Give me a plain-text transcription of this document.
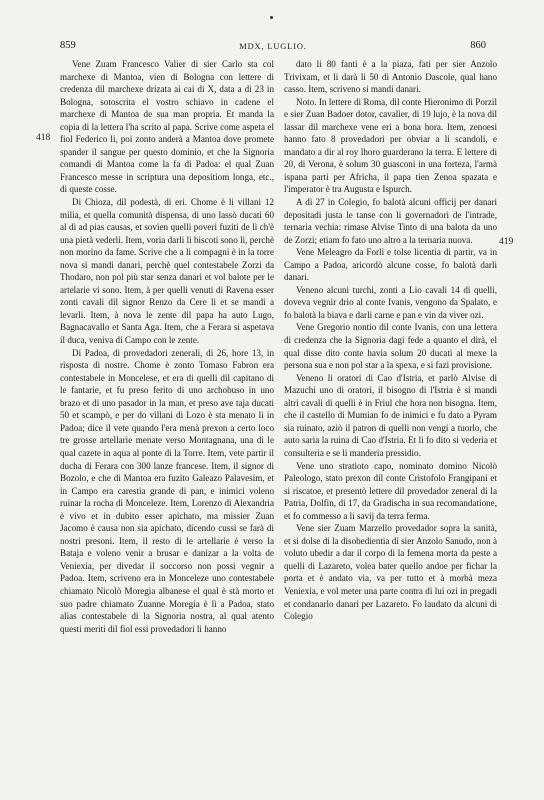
859	MDX, LUGLIO.	860
418
419

Vene Zuam Francesco Valier di sier Carlo sta col marchexe di Mantoa, vien di Bologna con lettere di credenza dil marchexe drizata ai cai di X, data a dì 23 in Bologna, sotoscrita el vostro schiavo in cadene el marchexe di Mantoa de sua man propria. Et manda la copia di la lettera l'ha scrito al papa. Scrive come aspeta el fiol Federico li, poi zonto anderà a Mantoa dove promete spander il sangue per questo dominio, et che la Signoria comandi di Mantoa come la fa di Padoa: el qual Zuan Francesco messe in scriptura una depositiom longa, etc., di queste cosse.

Di Chioza, dil podestà, di eri. Chome è li villani 12 milia, et quella comunità dispensa, di uno lassò ducati 60 al dì ad pias causas, et sovien quelli poveri fuziti de lì ch'è una pietà vederli. Item, voria darli li biscoti sono lì, perchè non morino da fame. Scrive che a li compagni è in la torre nova si mandi danari, perchè quel contestabele Zorzi da Thodaro, non pol più star senza danari et vol balote per le artelarie vi sono. Item, à per quelli venuti di Ravena esser zonti cavali dil signor Renzo da Cere li et se mandi a levarli. Item, à nova le zente dil papa ha auto Lugo, Bagnacavallo et Santa Aga. Item, che a Ferara si aspetava il duca, veniva di Campo con le zente.

Di Padoa, di provedadori zenerali, di 26, hore 13, in risposta di nostre. Chome è zonto Tomaso Fabron era contestabele in Moncelese, et era di quelli dil capitano di le fantarie, et fu preso ferito di uno archobuso in uno brazo et di uno pasador in la man, et preso ave taja ducati 50 et scampò, e per do villani di Lozo è sta menato lì in Padoa; dice il vete quando l'era menà prexon a certo loco tre grosse artellarie menate verso Montagnana, una di le qual cazete in aqua al ponte di la Torre. Item, vete partir il ducha di Ferara con 300 lanze francese. Item, il signor di Bozolo, e che di Mantoa era fuzito Galeazo Palavesim, et in Campo era carestia grande di pan, e inimici voleno ruinar la rocha di Monceleze. Item, Lorenzo di Alexandria è vivo et in dubito esser apichato, ma missier Zuan Jacomo è causa non sia apichato, dicendo cussì se farà di nostri presoni. Item, il resto di le artellarie è verso la Bataja e voleno venir a brusar e danizar a la volta de Veniexia, per divedar il soccorso non possi vegnir a Padoa. Item, scriveno era in Monceleze uno contestabele chiamato Nicolò Moregia albanese el qual è stà morto et suo padre chiamato Zuanne Moregia è lì a Padoa, stato alias contestabele di la Signoria nostra, al qual atento questi meriti dil fiol essi provedadori li hanno

dato li 80 fanti è a la piaza, fati per sier Anzolo Trivixam, et li darà li 50 di Antonio Dascole, qual hano casso. Item, scriveno si mandi danari.

Noto. In lettere di Roma, dil conte Hieronimo di Porzil e sier Zuan Badoer dotor, cavalier, di 19 lujo, è la nova dil lassar dil marchexe vene eri a bona hora. Item, zenoesi hanno fato 8 provedadori per obviar a li scandoli, e mandato a dir al roy lhoro guarderano la terra. E lettere di 20, di Verona, è solum 30 guasconi in una forteza, l'armà ispana parti per Africha, il papa tien Zenoa spazata e l'imperator è tra Augusta e Ispurch.

A dì 27 in Colegio, fo balotà alcuni officij per danari depositadi justa le tanse con li governadori de l'intrade, ternaria vechia: rimase Alvise Tinto di una balota da uno de Zorzi; etiam fo fato uno altro a la ternaria nuova.

Vene Meleagro da Forlì e tolse licentia di partir, va in Campo a Padoa, aricordò alcune cosse, fo balotà darli danari.

Veneno alcuni turchi, zonti a Lio cavali 14 di quelli, doveva vegnir drio al conte Ivanis, vengono da Spalato, e fo balotà la biava e darli carne e pan e vin da viver ozi.

Vene Gregorio nontio dil conte Ivanis, con una lettera di credenza che la Signoria dagi fede a quanto el dirà, el qual disse dito conte havia solum 20 ducati al mexe la persona sua e non pol star a la spexa, e si fazi provisione.

Veneno li oratori di Cao d'Istria, et parlò Alvise di Mazuchi uno di oratori, il bisogno di l'Istria è si mandi altri cavali di quelli è in Friul che hora non bisogna. Item, che il castello di Mumian fo de inimici e fu dato a Pyram sia ruinato, aziò il patron di quelli non vengi a tuorlo, che auto saria la ruina di Cao d'Istria. Et li fo dito si vederia et consulteria e se li manderia pressidio.

Vene uno stratioto capo, nominato domino Nicolò Paleologo, stato prexon dil conte Cristofolo Frangipani et si riscatoe, et presentò lettere dil provedador zeneral di la Patria, Dolfin, di 17, da Gradischa in sua recomandatione, et fo commesso a li savij da terra ferma.

Vene sier Zuam Marzello provedador sopra la sanità, et si dolse di la disobedientia di sier Anzolo Sanudo, non à voluto ubedir a dar il corpo di la femena morta da peste a quelli di Lazareto, volea bater quello andoe per fichar la porta et è andato via, va per tutto et à morbà meza Veniexia, e vol meter una parte contra di lui ozi in pregadi et condanarlo danari per Lazareto. Fo laudato da alcuni di Colegio
